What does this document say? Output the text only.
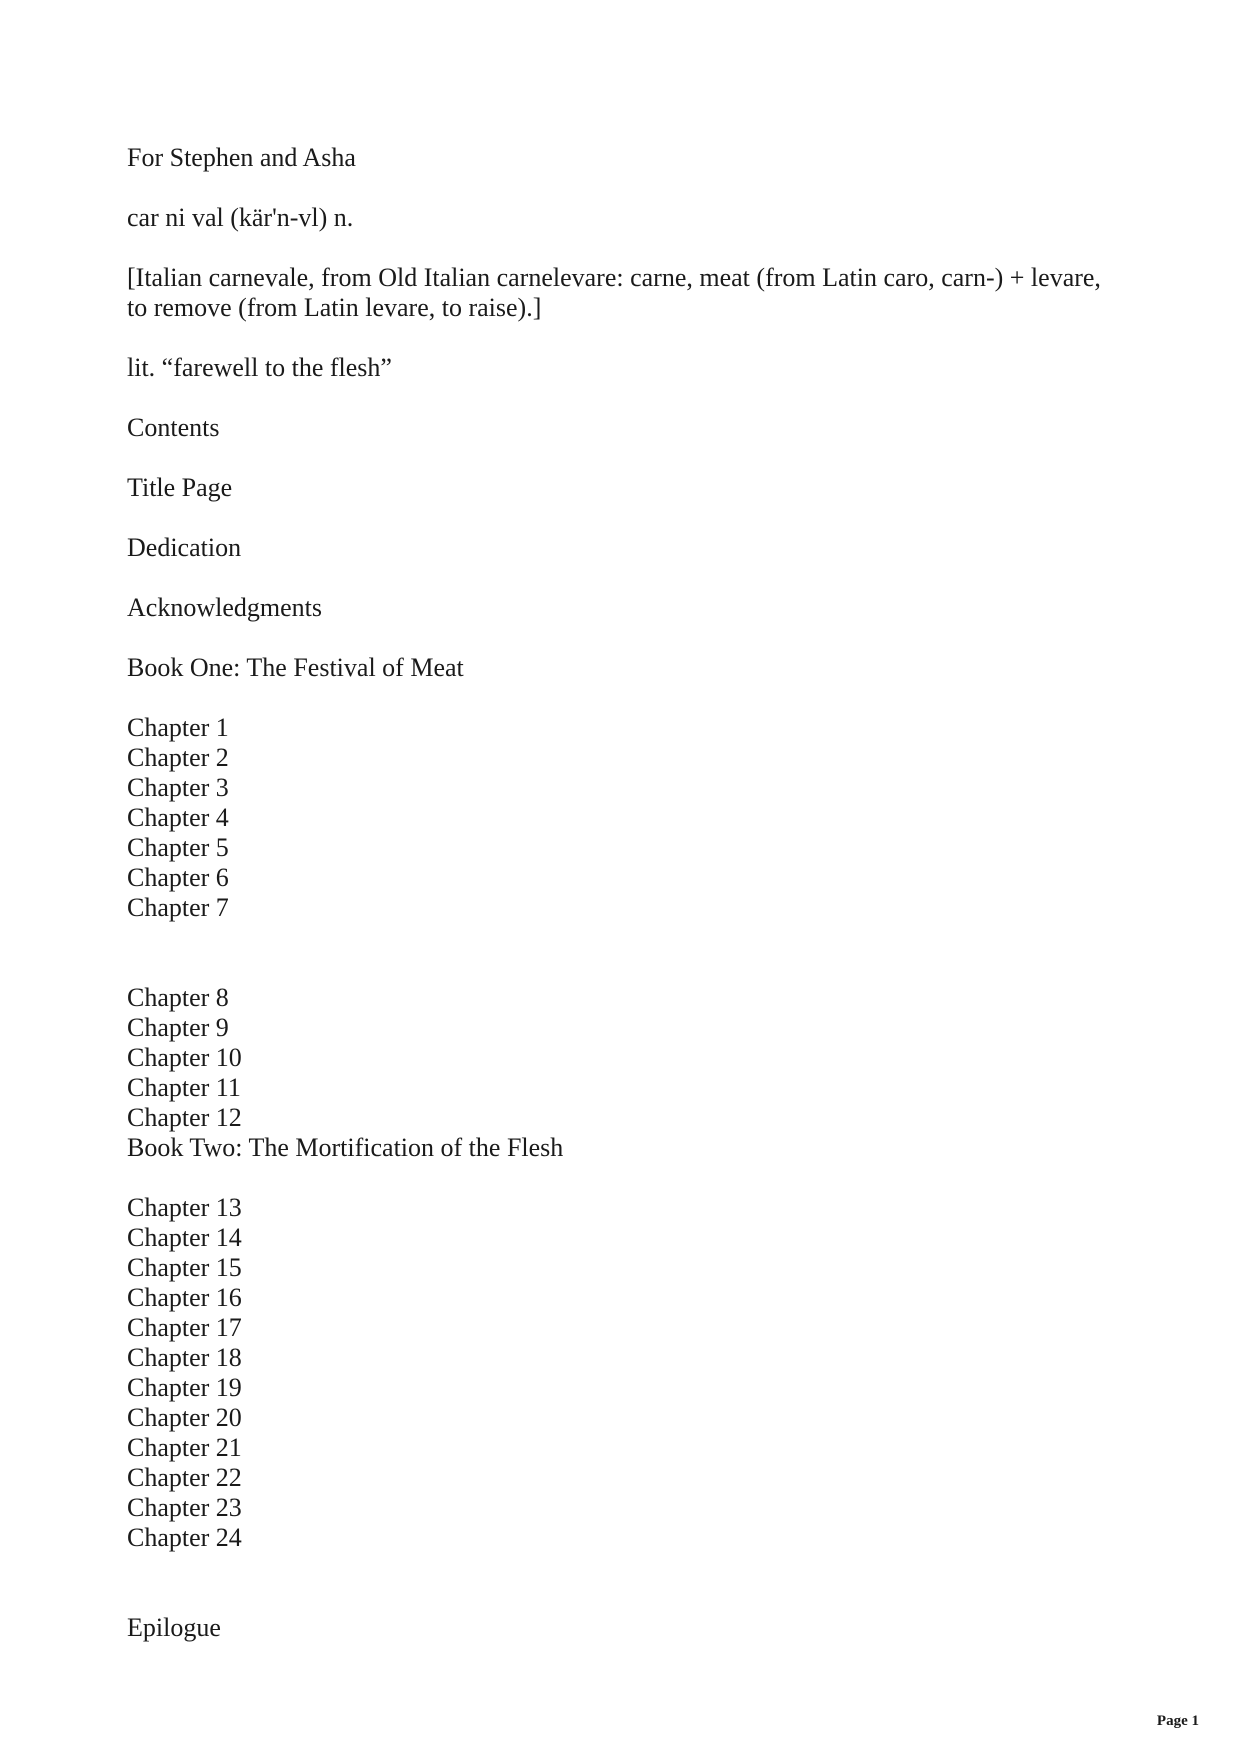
For Stephen and Asha

car ni val (kär'n-vl) n.

[Italian carnevale, from Old Italian carnelevare: carne, meat (from Latin caro, carn-) + levare, to remove (from Latin levare, to raise).]

lit. “farewell to the flesh”

Contents

Title Page

Dedication

Acknowledgments

Book One: The Festival of Meat

Chapter 1
Chapter 2
Chapter 3
Chapter 4
Chapter 5
Chapter 6
Chapter 7
Chapter 8
Chapter 9
Chapter 10
Chapter 11
Chapter 12
Book Two: The Mortification of the Flesh
Chapter 13
Chapter 14
Chapter 15
Chapter 16
Chapter 17
Chapter 18
Chapter 19
Chapter 20
Chapter 21
Chapter 22
Chapter 23
Chapter 24

Epilogue

Page 1
